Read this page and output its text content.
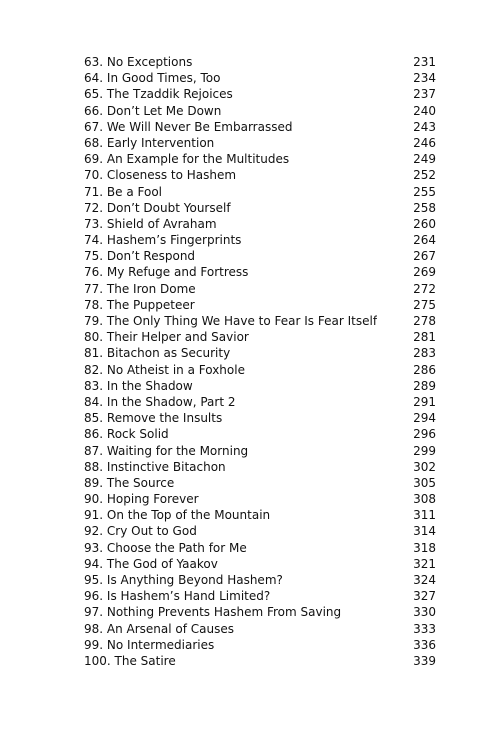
63. No Exceptions	231
64. In Good Times, Too	234
65. The Tzaddik Rejoices	237
66. Don’t Let Me Down	240
67. We Will Never Be Embarrassed	243
68. Early Intervention	246
69. An Example for the Multitudes	249
70. Closeness to Hashem	252
71. Be a Fool	255
72. Don’t Doubt Yourself	258
73. Shield of Avraham	260
74. Hashem’s Fingerprints	264
75. Don’t Respond	267
76. My Refuge and Fortress	269
77. The Iron Dome	272
78. The Puppeteer	275
79. The Only Thing We Have to Fear Is Fear Itself	278
80. Their Helper and Savior	281
81. Bitachon as Security	283
82. No Atheist in a Foxhole	286
83. In the Shadow	289
84. In the Shadow, Part 2	291
85. Remove the Insults	294
86. Rock Solid	296
87. Waiting for the Morning	299
88. Instinctive Bitachon	302
89. The Source	305
90. Hoping Forever	308
91. On the Top of the Mountain	311
92. Cry Out to God	314
93. Choose the Path for Me	318
94. The God of Yaakov	321
95. Is Anything Beyond Hashem?	324
96. Is Hashem’s Hand Limited?	327
97. Nothing Prevents Hashem From Saving	330
98. An Arsenal of Causes	333
99. No Intermediaries	336
100. The Satire	339
